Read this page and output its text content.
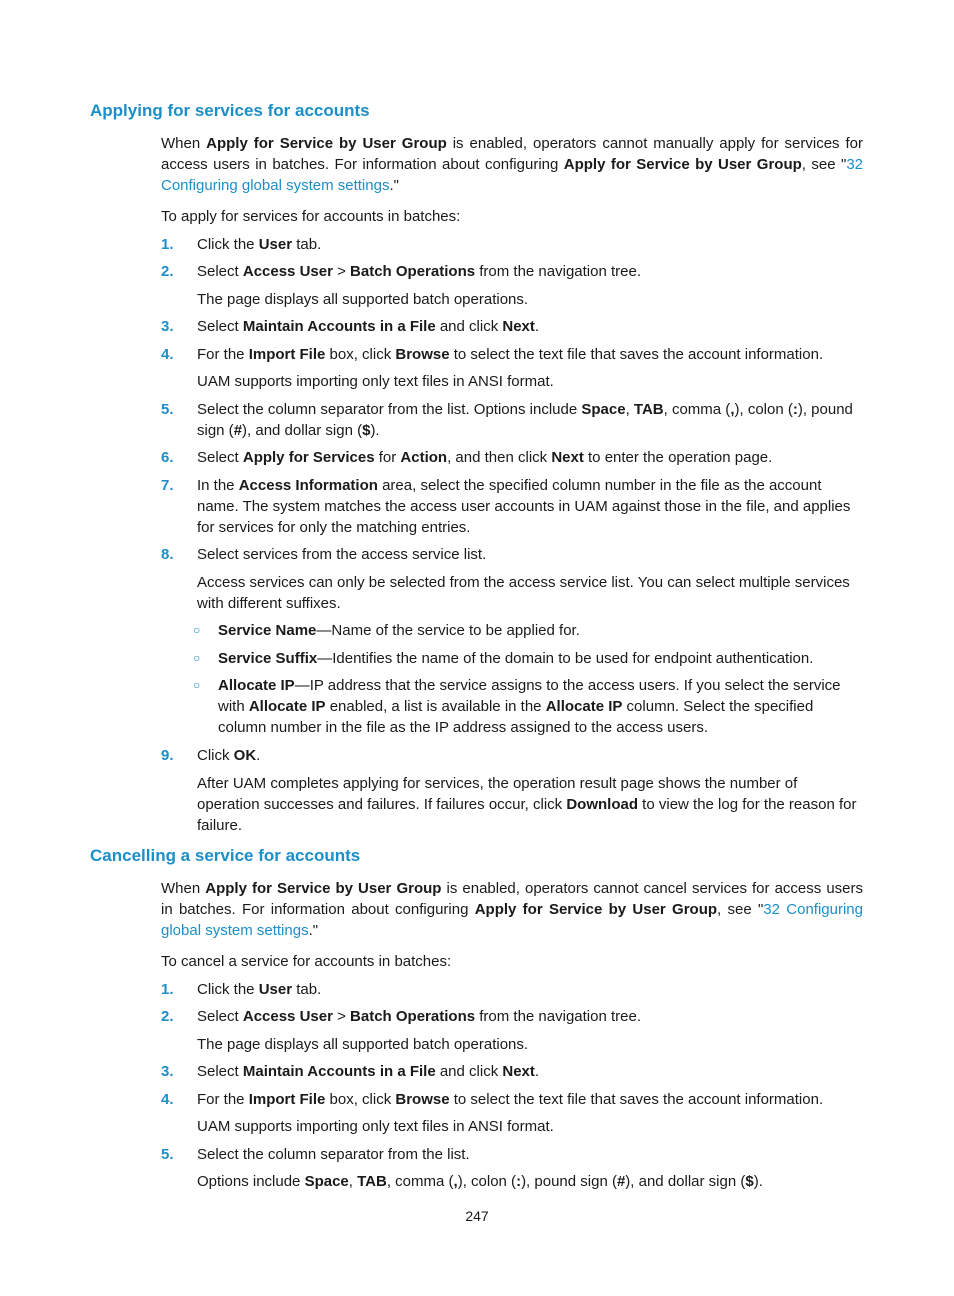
Applying for services for accounts

When Apply for Service by User Group is enabled, operators cannot manually apply for services for access users in batches. For information about configuring Apply for Service by User Group, see "32 Configuring global system settings."

To apply for services for accounts in batches:

1. Click the User tab.

2. Select Access User > Batch Operations from the navigation tree.

The page displays all supported batch operations.

3. Select Maintain Accounts in a File and click Next.

4. For the Import File box, click Browse to select the text file that saves the account information.

UAM supports importing only text files in ANSI format.

5. Select the column separator from the list. Options include Space, TAB, comma (,), colon (:), pound sign (#), and dollar sign ($).

6. Select Apply for Services for Action, and then click Next to enter the operation page.

7. In the Access Information area, select the specified column number in the file as the account name. The system matches the access user accounts in UAM against those in the file, and applies for services for only the matching entries.

8. Select services from the access service list.

Access services can only be selected from the access service list. You can select multiple services with different suffixes.

○ Service Name—Name of the service to be applied for.

○ Service Suffix—Identifies the name of the domain to be used for endpoint authentication.

○ Allocate IP—IP address that the service assigns to the access users. If you select the service with Allocate IP enabled, a list is available in the Allocate IP column. Select the specified column number in the file as the IP address assigned to the access users.

9. Click OK.

After UAM completes applying for services, the operation result page shows the number of operation successes and failures. If failures occur, click Download to view the log for the reason for failure.

Cancelling a service for accounts

When Apply for Service by User Group is enabled, operators cannot cancel services for access users in batches. For information about configuring Apply for Service by User Group, see "32 Configuring global system settings."

To cancel a service for accounts in batches:

1. Click the User tab.

2. Select Access User > Batch Operations from the navigation tree.

The page displays all supported batch operations.

3. Select Maintain Accounts in a File and click Next.

4. For the Import File box, click Browse to select the text file that saves the account information.

UAM supports importing only text files in ANSI format.

5. Select the column separator from the list.

Options include Space, TAB, comma (,), colon (:), pound sign (#), and dollar sign ($).

247
